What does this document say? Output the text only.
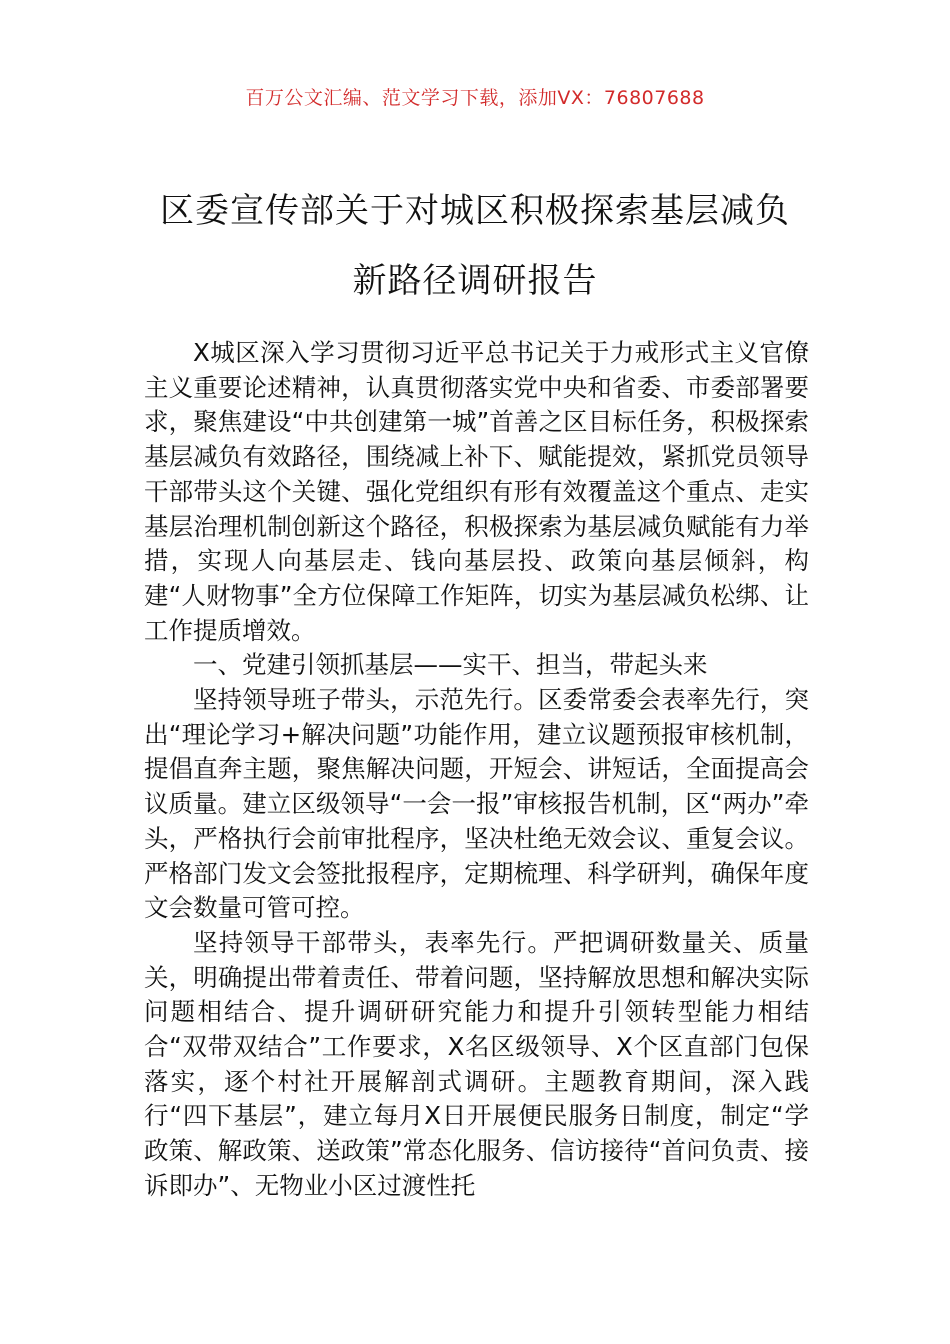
百万公文汇编、范文学习下载，添加VX：76807688

区委宣传部关于对城区积极探索基层减负
新路径调研报告

X城区深入学习贯彻习近平总书记关于力戒形式主义官僚主义重要论述精神，认真贯彻落实党中央和省委、市委部署要求，聚焦建设“中共创建第一城”首善之区目标任务，积极探索基层减负有效路径，围绕减上补下、赋能提效，紧抓党员领导干部带头这个关键、强化党组织有形有效覆盖这个重点、走实基层治理机制创新这个路径，积极探索为基层减负赋能有力举措，实现人向基层走、钱向基层投、政策向基层倾斜，构建“人财物事”全方位保障工作矩阵，切实为基层减负松绑、让工作提质增效。

一、党建引领抓基层——实干、担当，带起头来

坚持领导班子带头，示范先行。区委常委会表率先行，突出“理论学习+解决问题”功能作用，建立议题预报审核机制，提倡直奔主题，聚焦解决问题，开短会、讲短话，全面提高会议质量。建立区级领导“一会一报”审核报告机制，区“两办”牵头，严格执行会前审批程序，坚决杜绝无效会议、重复会议。严格部门发文会签批报程序，定期梳理、科学研判，确保年度文会数量可管可控。

坚持领导干部带头，表率先行。严把调研数量关、质量关，明确提出带着责任、带着问题，坚持解放思想和解决实际问题相结合、提升调研研究能力和提升引领转型能力相结合“双带双结合”工作要求，X名区级领导、X个区直部门包保落实，逐个村社开展解剖式调研。主题教育期间，深入践行“四下基层”，建立每月X日开展便民服务日制度，制定“学政策、解政策、送政策”常态化服务、信访接待“首问负责、接诉即办”、无物业小区过渡性托
